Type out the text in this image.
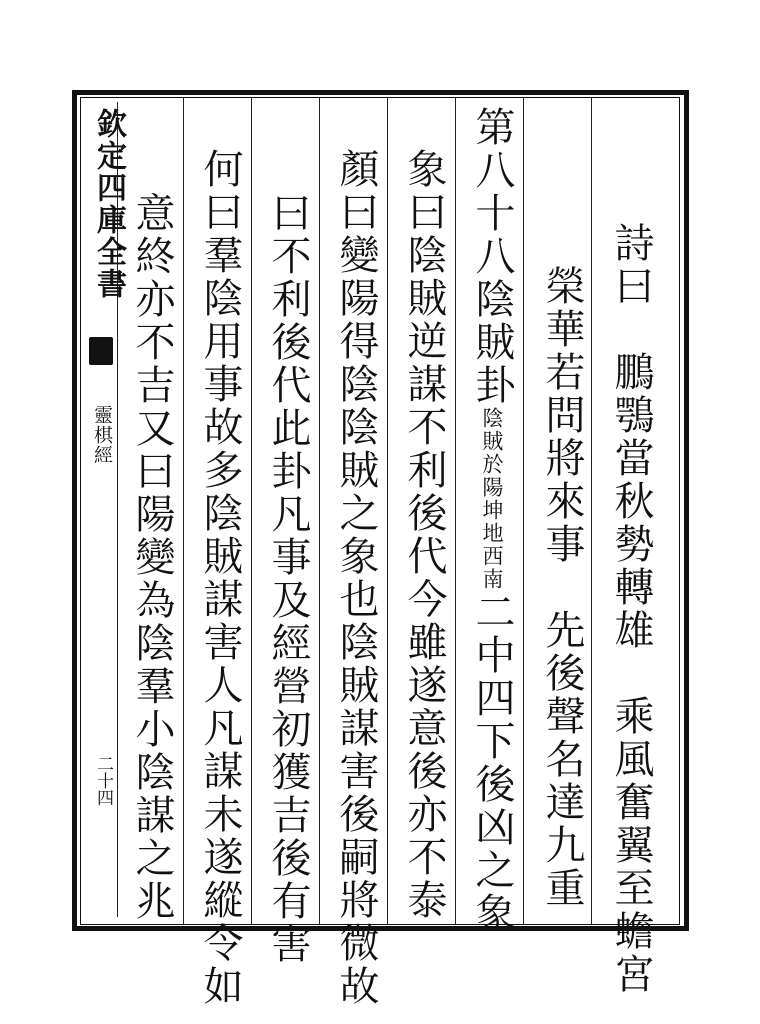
欽定四庫全書
靈棋經
二十四	詩曰　鵬鶚當秋勢轉雄　乘風奮翼至蟾宮
　榮華若問將來事　先後聲名達九重
第八十八陰賊卦陰賊於陽坤地西南二中四下後凶之象
象曰陰賊逆謀不利後代今雖遂意後亦不泰
顏曰變陽得陰陰賊之象也陰賊謀害後嗣將微故
曰不利後代此卦凡事及經營初獲吉後有害
何曰羣陰用事故多陰賊謀害人凡謀未遂縱令如
意終亦不吉又曰陽變為陰羣小陰謀之兆
